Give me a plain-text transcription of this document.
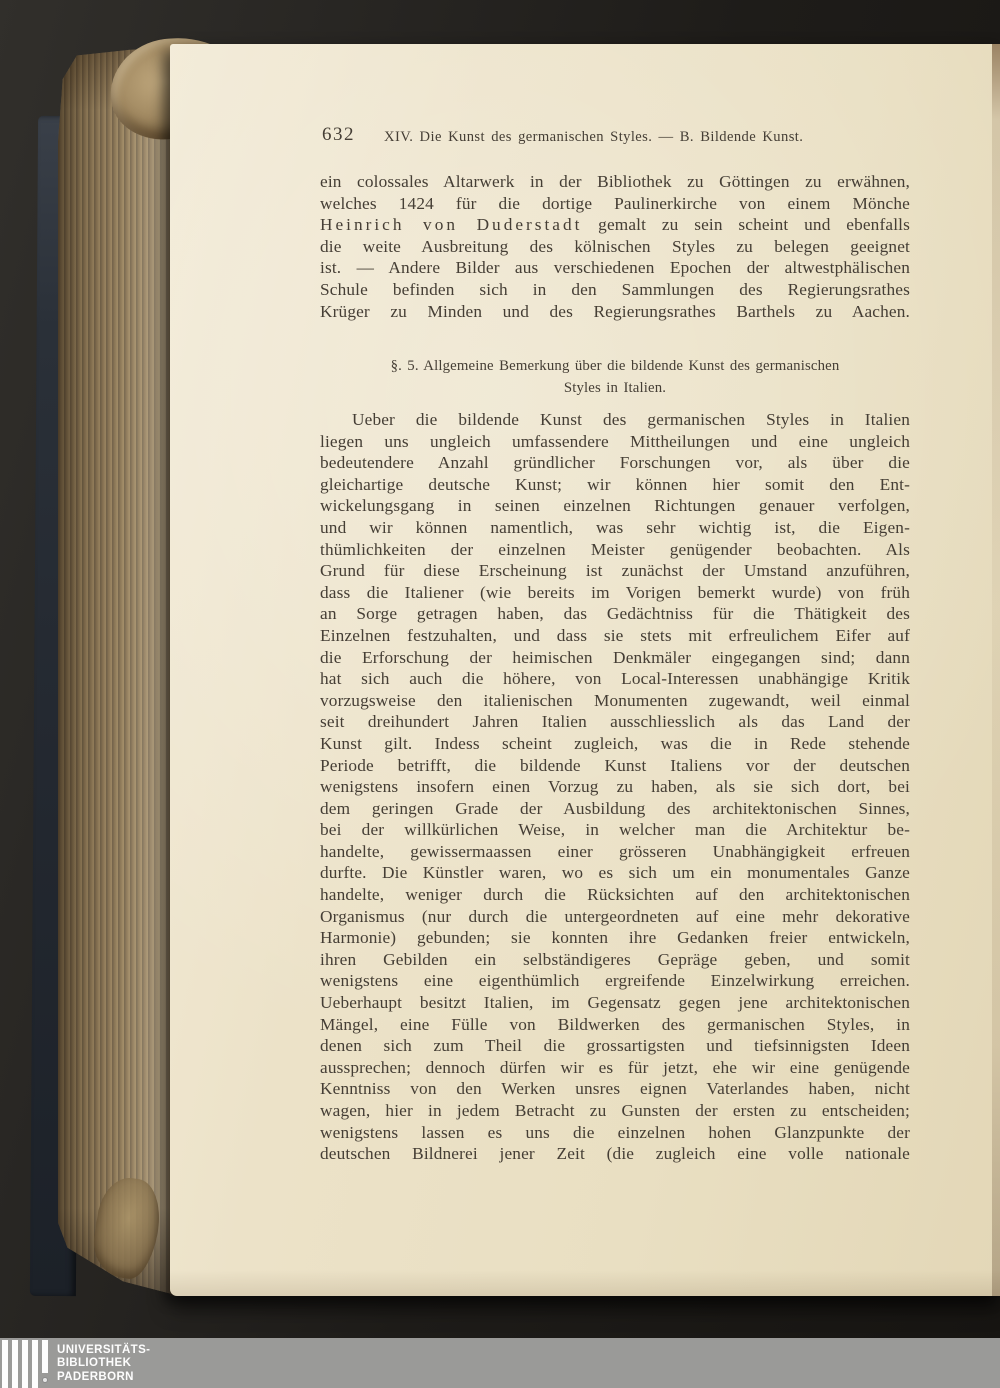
632 XIV. Die Kunst des germanischen Styles. — B. Bildende Kunst.
ein colossales Altarwerk in der Bibliothek zu Göttingen zu erwähnen,
welches 1424 für die dortige Paulinerkirche von einem Mönche
Heinrich von Duderstadt gemalt zu sein scheint und ebenfalls
die weite Ausbreitung des kölnischen Styles zu belegen geeignet
ist. — Andere Bilder aus verschiedenen Epochen der altwestphälischen
Schule befinden sich in den Sammlungen des Regierungsrathes
Krüger zu Minden und des Regierungsrathes Barthels zu Aachen.
§. 5. Allgemeine Bemerkung über die bildende Kunst des germanischen
Styles in Italien.
Ueber die bildende Kunst des germanischen Styles in Italien
liegen uns ungleich umfassendere Mittheilungen und eine ungleich
bedeutendere Anzahl gründlicher Forschungen vor, als über die
gleichartige deutsche Kunst; wir können hier somit den Ent-
wickelungsgang in seinen einzelnen Richtungen genauer verfolgen,
und wir können namentlich, was sehr wichtig ist, die Eigen-
thümlichkeiten der einzelnen Meister genügender beobachten. Als
Grund für diese Erscheinung ist zunächst der Umstand anzuführen,
dass die Italiener (wie bereits im Vorigen bemerkt wurde) von früh
an Sorge getragen haben, das Gedächtniss für die Thätigkeit des
Einzelnen festzuhalten, und dass sie stets mit erfreulichem Eifer auf
die Erforschung der heimischen Denkmäler eingegangen sind; dann
hat sich auch die höhere, von Local-Interessen unabhängige Kritik
vorzugsweise den italienischen Monumenten zugewandt, weil einmal
seit dreihundert Jahren Italien ausschliesslich als das Land der
Kunst gilt. Indess scheint zugleich, was die in Rede stehende
Periode betrifft, die bildende Kunst Italiens vor der deutschen
wenigstens insofern einen Vorzug zu haben, als sie sich dort, bei
dem geringen Grade der Ausbildung des architektonischen Sinnes,
bei der willkürlichen Weise, in welcher man die Architektur be-
handelte, gewissermaassen einer grösseren Unabhängigkeit erfreuen
durfte. Die Künstler waren, wo es sich um ein monumentales Ganze
handelte, weniger durch die Rücksichten auf den architektonischen
Organismus (nur durch die untergeordneten auf eine mehr dekorative
Harmonie) gebunden; sie konnten ihre Gedanken freier entwickeln,
ihren Gebilden ein selbständigeres Gepräge geben, und somit
wenigstens eine eigenthümlich ergreifende Einzelwirkung erreichen.
Ueberhaupt besitzt Italien, im Gegensatz gegen jene architektonischen
Mängel, eine Fülle von Bildwerken des germanischen Styles, in
denen sich zum Theil die grossartigsten und tiefsinnigsten Ideen
aussprechen; dennoch dürfen wir es für jetzt, ehe wir eine genügende
Kenntniss von den Werken unsres eignen Vaterlandes haben, nicht
wagen, hier in jedem Betracht zu Gunsten der ersten zu entscheiden;
wenigstens lassen es uns die einzelnen hohen Glanzpunkte der
deutschen Bildnerei jener Zeit (die zugleich eine volle nationale
UNIVERSITÄTS-
BIBLIOTHEK
PADERBORN
